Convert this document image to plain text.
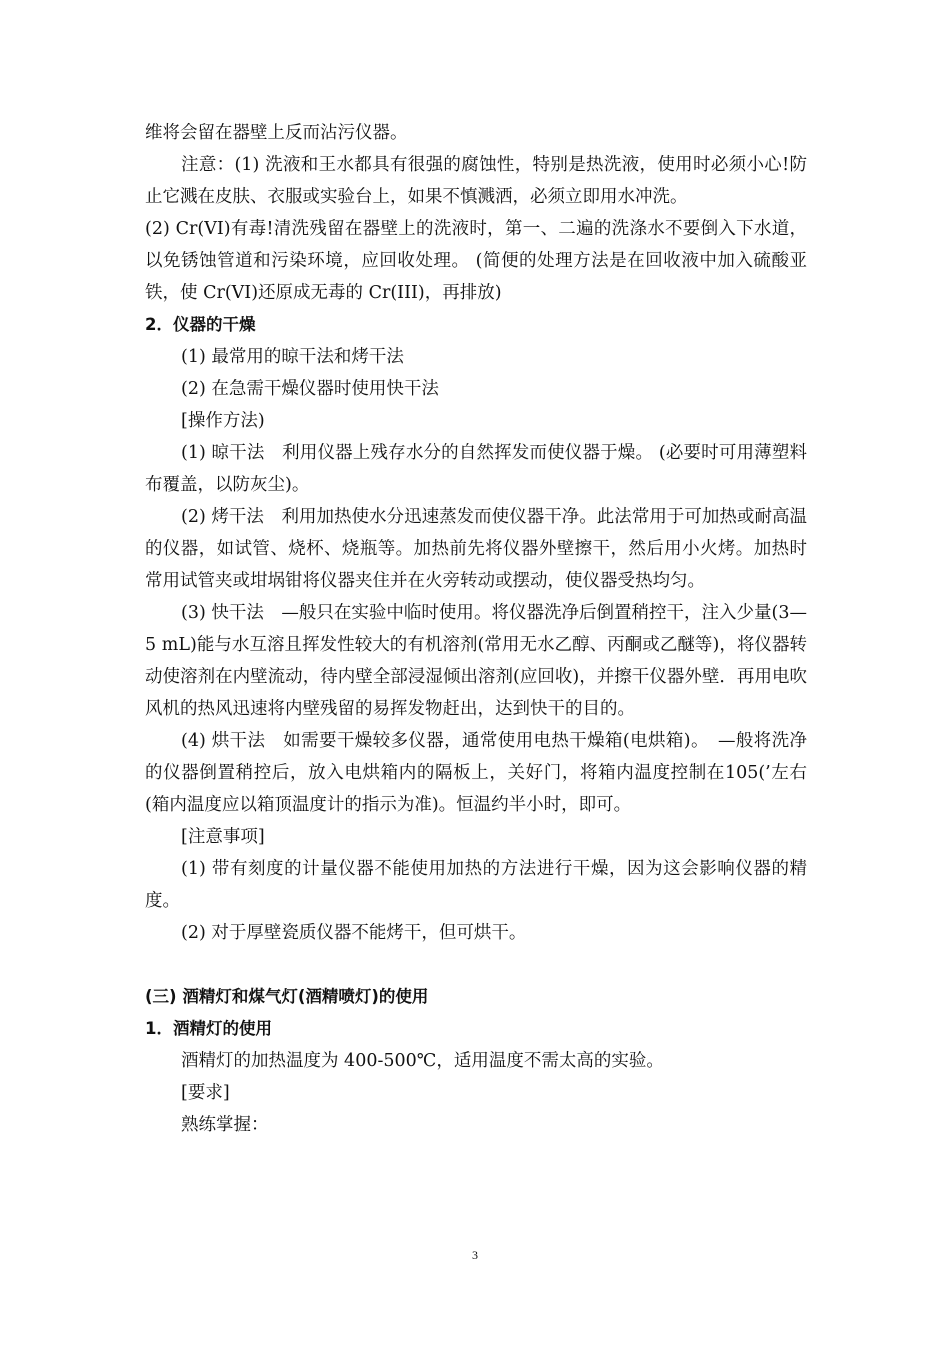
维将会留在器壁上反而沾污仪器。

注意：(1) 洗液和王水都具有很强的腐蚀性，特别是热洗液，使用时必须小心!防止它溅在皮肤、衣服或实验台上，如果不慎溅洒，必须立即用水冲洗。

(2) Cr(VI)有毒!清洗残留在器壁上的洗液时，第一、二遍的洗涤水不要倒入下水道，以免锈蚀管道和污染环境，应回收处理。 (简便的处理方法是在回收液中加入硫酸亚铁，使 Cr(VI)还原成无毒的 Cr(III)，再排放)

2．仪器的干燥

(1) 最常用的晾干法和烤干法

(2) 在急需干燥仪器时使用快干法

[操作方法)

(1) 晾干法　利用仪器上残存水分的自然挥发而使仪器于燥。 (必要时可用薄塑料布覆盖，以防灰尘)。

(2) 烤干法　利用加热使水分迅速蒸发而使仪器干净。此法常用于可加热或耐高温的仪器，如试管、烧杯、烧瓶等。加热前先将仪器外壁擦干，然后用小火烤。加热时常用试管夹或坩埚钳将仪器夹住并在火旁转动或摆动，使仪器受热均匀。

(3) 快干法　—般只在实验中临时使用。将仪器洗净后倒置稍控干，注入少量(3—5 mL)能与水互溶且挥发性较大的有机溶剂(常用无水乙醇、丙酮或乙醚等)，将仪器转动使溶剂在内壁流动，待内壁全部浸湿倾出溶剂(应回收)，并擦干仪器外壁．再用电吹风机的热风迅速将内壁残留的易挥发物赶出，达到快干的目的。

(4) 烘干法　如需要干燥较多仪器，通常使用电热干燥箱(电烘箱)。　—般将洗净的仪器倒置稍控后，放入电烘箱内的隔板上，关好门，将箱内温度控制在105(’左右(箱内温度应以箱顶温度计的指示为准)。恒温约半小时，即可。

[注意事项]

(1) 带有刻度的计量仪器不能使用加热的方法进行干燥，因为这会影响仪器的精度。

(2) 对于厚壁瓷质仪器不能烤干，但可烘干。

(三) 酒精灯和煤气灯(酒精喷灯)的使用

1．酒精灯的使用

酒精灯的加热温度为 400-500℃，适用温度不需太高的实验。

[要求]

熟练掌握：

3
